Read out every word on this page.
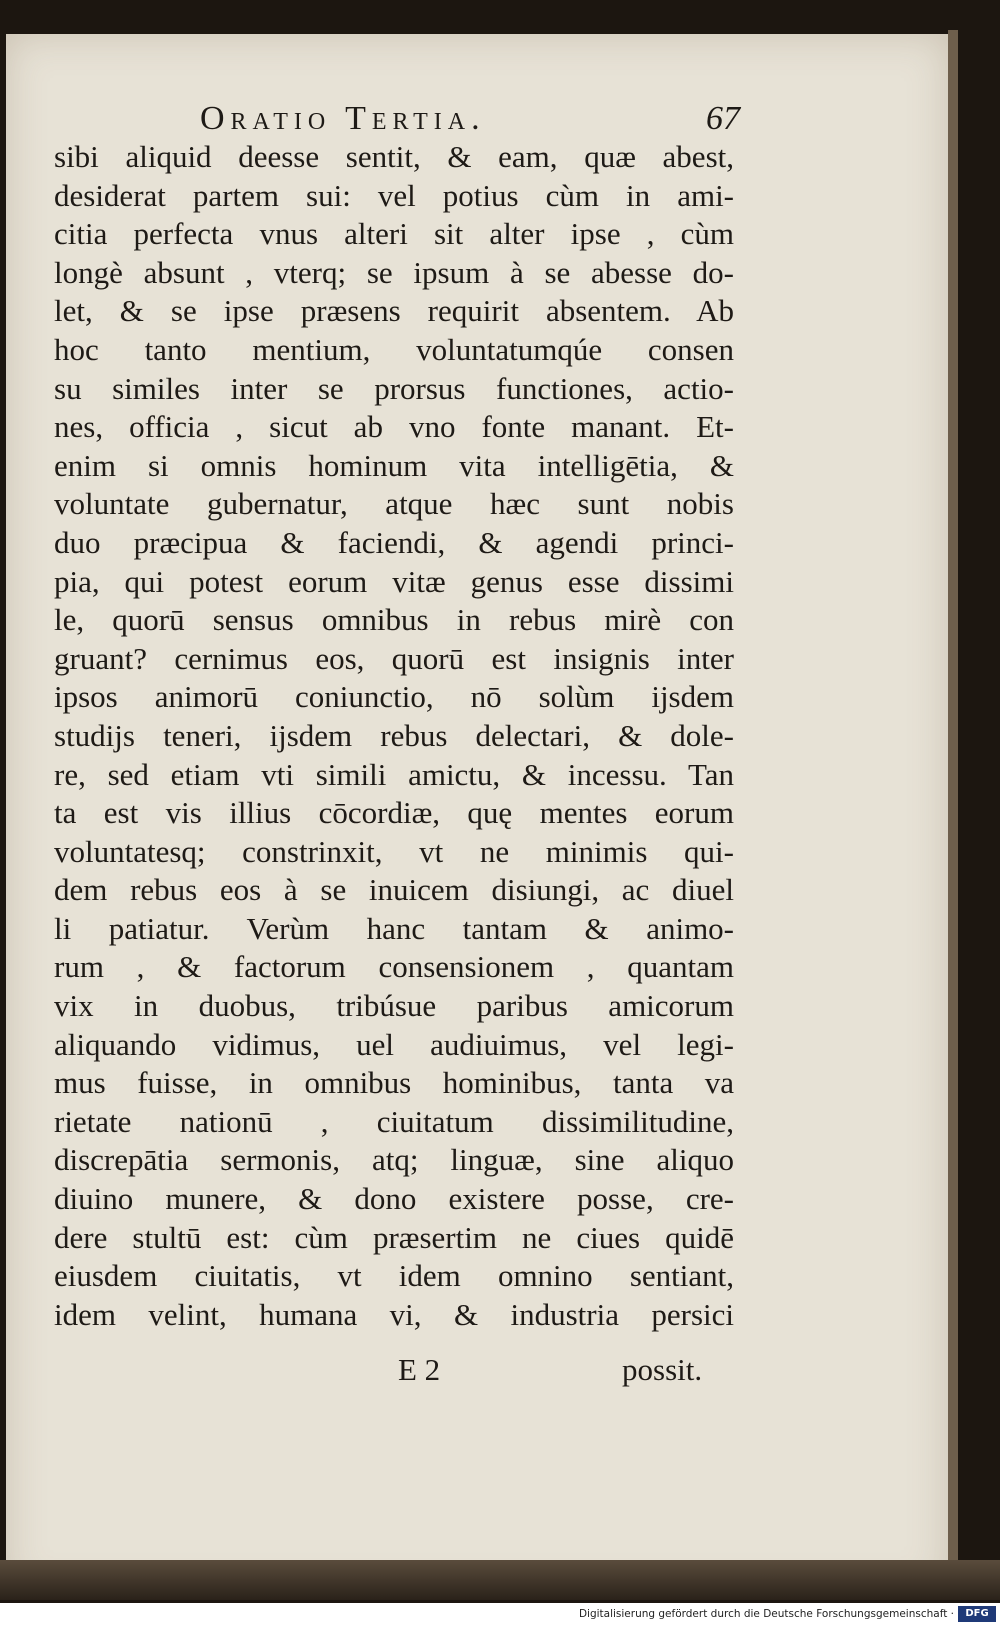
Oratio Tertia.	67
sibi aliquid deesse sentit, & eam, quæ abest,
desiderat partem sui: vel potius cùm in ami-
citia perfecta vnus alteri sit alter ipse , cùm
longè absunt , vterq; se ipsum à se abesse do-
let, & se ipse præsens requirit absentem. Ab
hoc tanto mentium, voluntatumqúe consen
su similes inter se prorsus functiones, actio-
nes, officia , sicut ab vno fonte manant. Et-
enim si omnis hominum vita intelligētia, &
voluntate gubernatur, atque hæc sunt nobis
duo præcipua & faciendi, & agendi princi-
pia, qui potest eorum vitæ genus esse dissimi
le, quorū sensus omnibus in rebus mirè con
gruant? cernimus eos, quorū est insignis inter
ipsos animorū coniunctio, nō solùm ijsdem
studijs teneri, ijsdem rebus delectari, & dole-
re, sed etiam vti simili amictu, & incessu. Tan
ta est vis illius cōcordiæ, quę mentes eorum
voluntatesq; constrinxit, vt ne minimis qui-
dem rebus eos à se inuicem disiungi, ac diuel
li patiatur. Verùm hanc tantam & animo-
rum , & factorum consensionem , quantam
vix in duobus, tribúsue paribus amicorum
aliquando vidimus, uel audiuimus, vel legi-
mus fuisse, in omnibus hominibus, tanta va
rietate nationū , ciuitatum dissimilitudine,
discrepātia sermonis, atq; linguæ, sine aliquo
diuino munere, & dono existere posse, cre-
dere stultū est: cùm præsertim ne ciues quidē
eiusdem ciuitatis, vt idem omnino sentiant,
idem velint, humana vi, & industria persici
E 2	possit.
Digitalisierung gefördert durch die Deutsche Forschungsgemeinschaft ·	DFG
